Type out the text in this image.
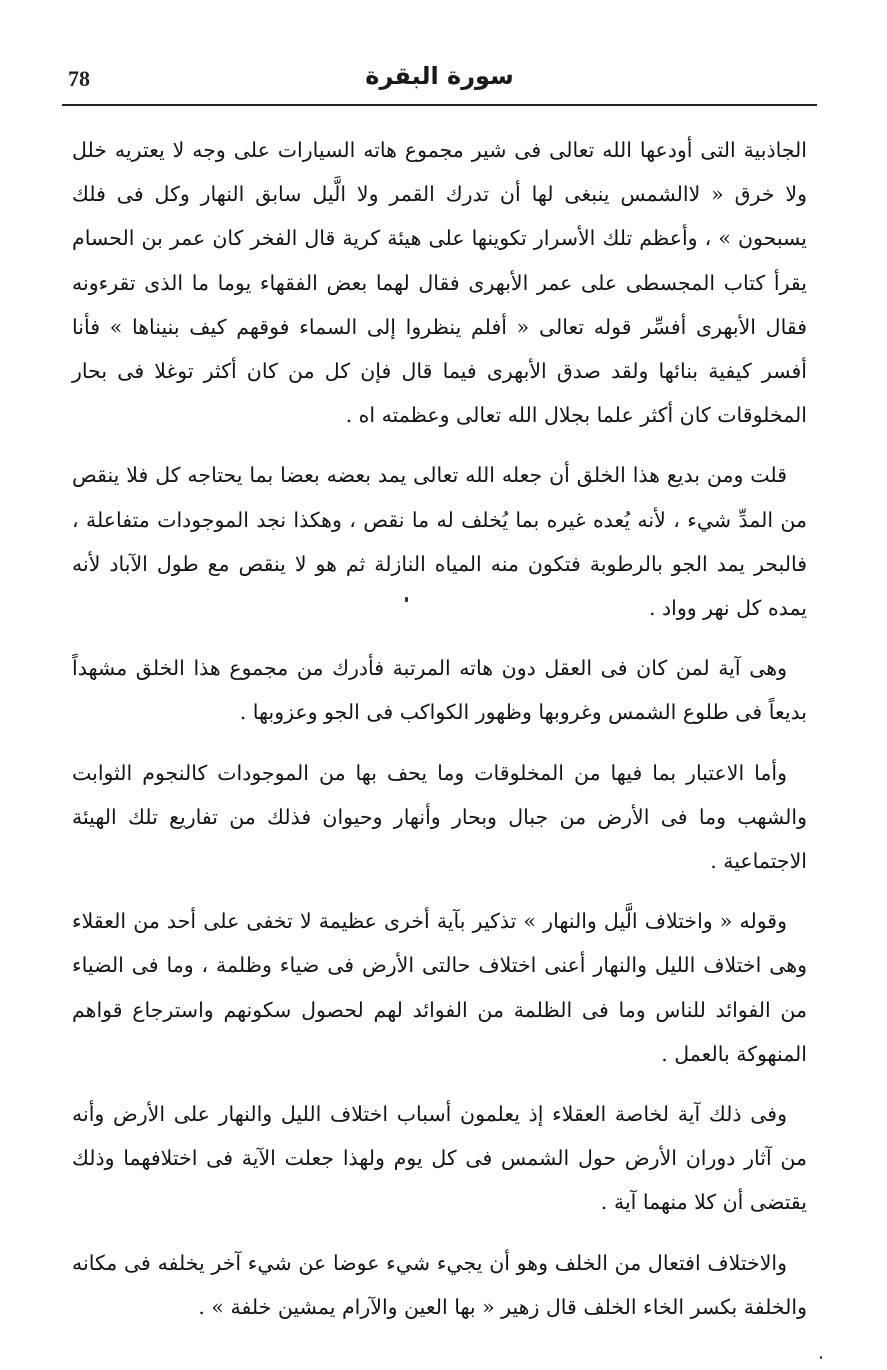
78	سورة البقرة

الجاذبية التى أودعها الله تعالى فى شير مجموع هاته السيارات على وجه لا يعتريه خلل ولا خرق « لاالشمس ينبغى لها أن تدرك القمر ولا الَّيل سابق النهار وكل فى فلك يسبحون » ، وأعظم تلك الأسرار تكوينها على هيئة كرية قال الفخر كان عمر بن الحسام يقرأ كتاب المجسطى على عمر الأبهرى فقال لهما بعض الفقهاء يوما ما الذى تقرءونه فقال الأبهرى أفسِّر قوله تعالى « أفلم ينظروا إلى السماء فوقهم كيف بنيناها » فأنا أفسر كيفية بنائها ولقد صدق الأبهرى فيما قال فإن كل من كان أكثر توغلا فى بحار المخلوقات كان أكثر علما بجلال الله تعالى وعظمته اه .

قلت ومن بديع هذا الخلق أن جعله الله تعالى يمد بعضه بعضا بما يحتاجه كل فلا ينقص من المدِّ شيء ، لأنه يُعده غيره بما يُخلف له ما نقص ، وهكذا نجد الموجودات متفاعلة ، فالبحر يمد الجو بالرطوبة فتكون منه المياه النازلة ثم هو لا ينقص مع طول الآباد لأنه يمده كل نهر وواد .

وهى آية لمن كان فى العقل دون هاته المرتبة فأدرك من مجموع هذا الخلق مشهداً بديعاً فى طلوع الشمس وغروبها وظهور الكواكب فى الجو وعزوبها .

وأما الاعتبار بما فيها من المخلوقات وما يحف بها من الموجودات كالنجوم الثوابت والشهب وما فى الأرض من جبال وبحار وأنهار وحيوان فذلك من تفاريع تلك الهيئة الاجتماعية .

وقوله « واختلاف الَّيل والنهار » تذكير بآية أخرى عظيمة لا تخفى على أحد من العقلاء وهى اختلاف الليل والنهار أعنى اختلاف حالتى الأرض فى ضياء وظلمة ، وما فى الضياء من الفوائد للناس وما فى الظلمة من الفوائد لهم لحصول سكونهم واسترجاع قواهم المنهوكة بالعمل .

وفى ذلك آية لخاصة العقلاء إذ يعلمون أسباب اختلاف الليل والنهار على الأرض وأنه من آثار دوران الأرض حول الشمس فى كل يوم ولهذا جعلت الآية فى اختلافهما وذلك يقتضى أن كلا منهما آية .

والاختلاف افتعال من الخلف وهو أن يجيء شيء عوضا عن شيء آخر يخلفه فى مكانه والخلفة بكسر الخاء الخلف قال زهير « بها العين والآرام يمشين خلفة » .
